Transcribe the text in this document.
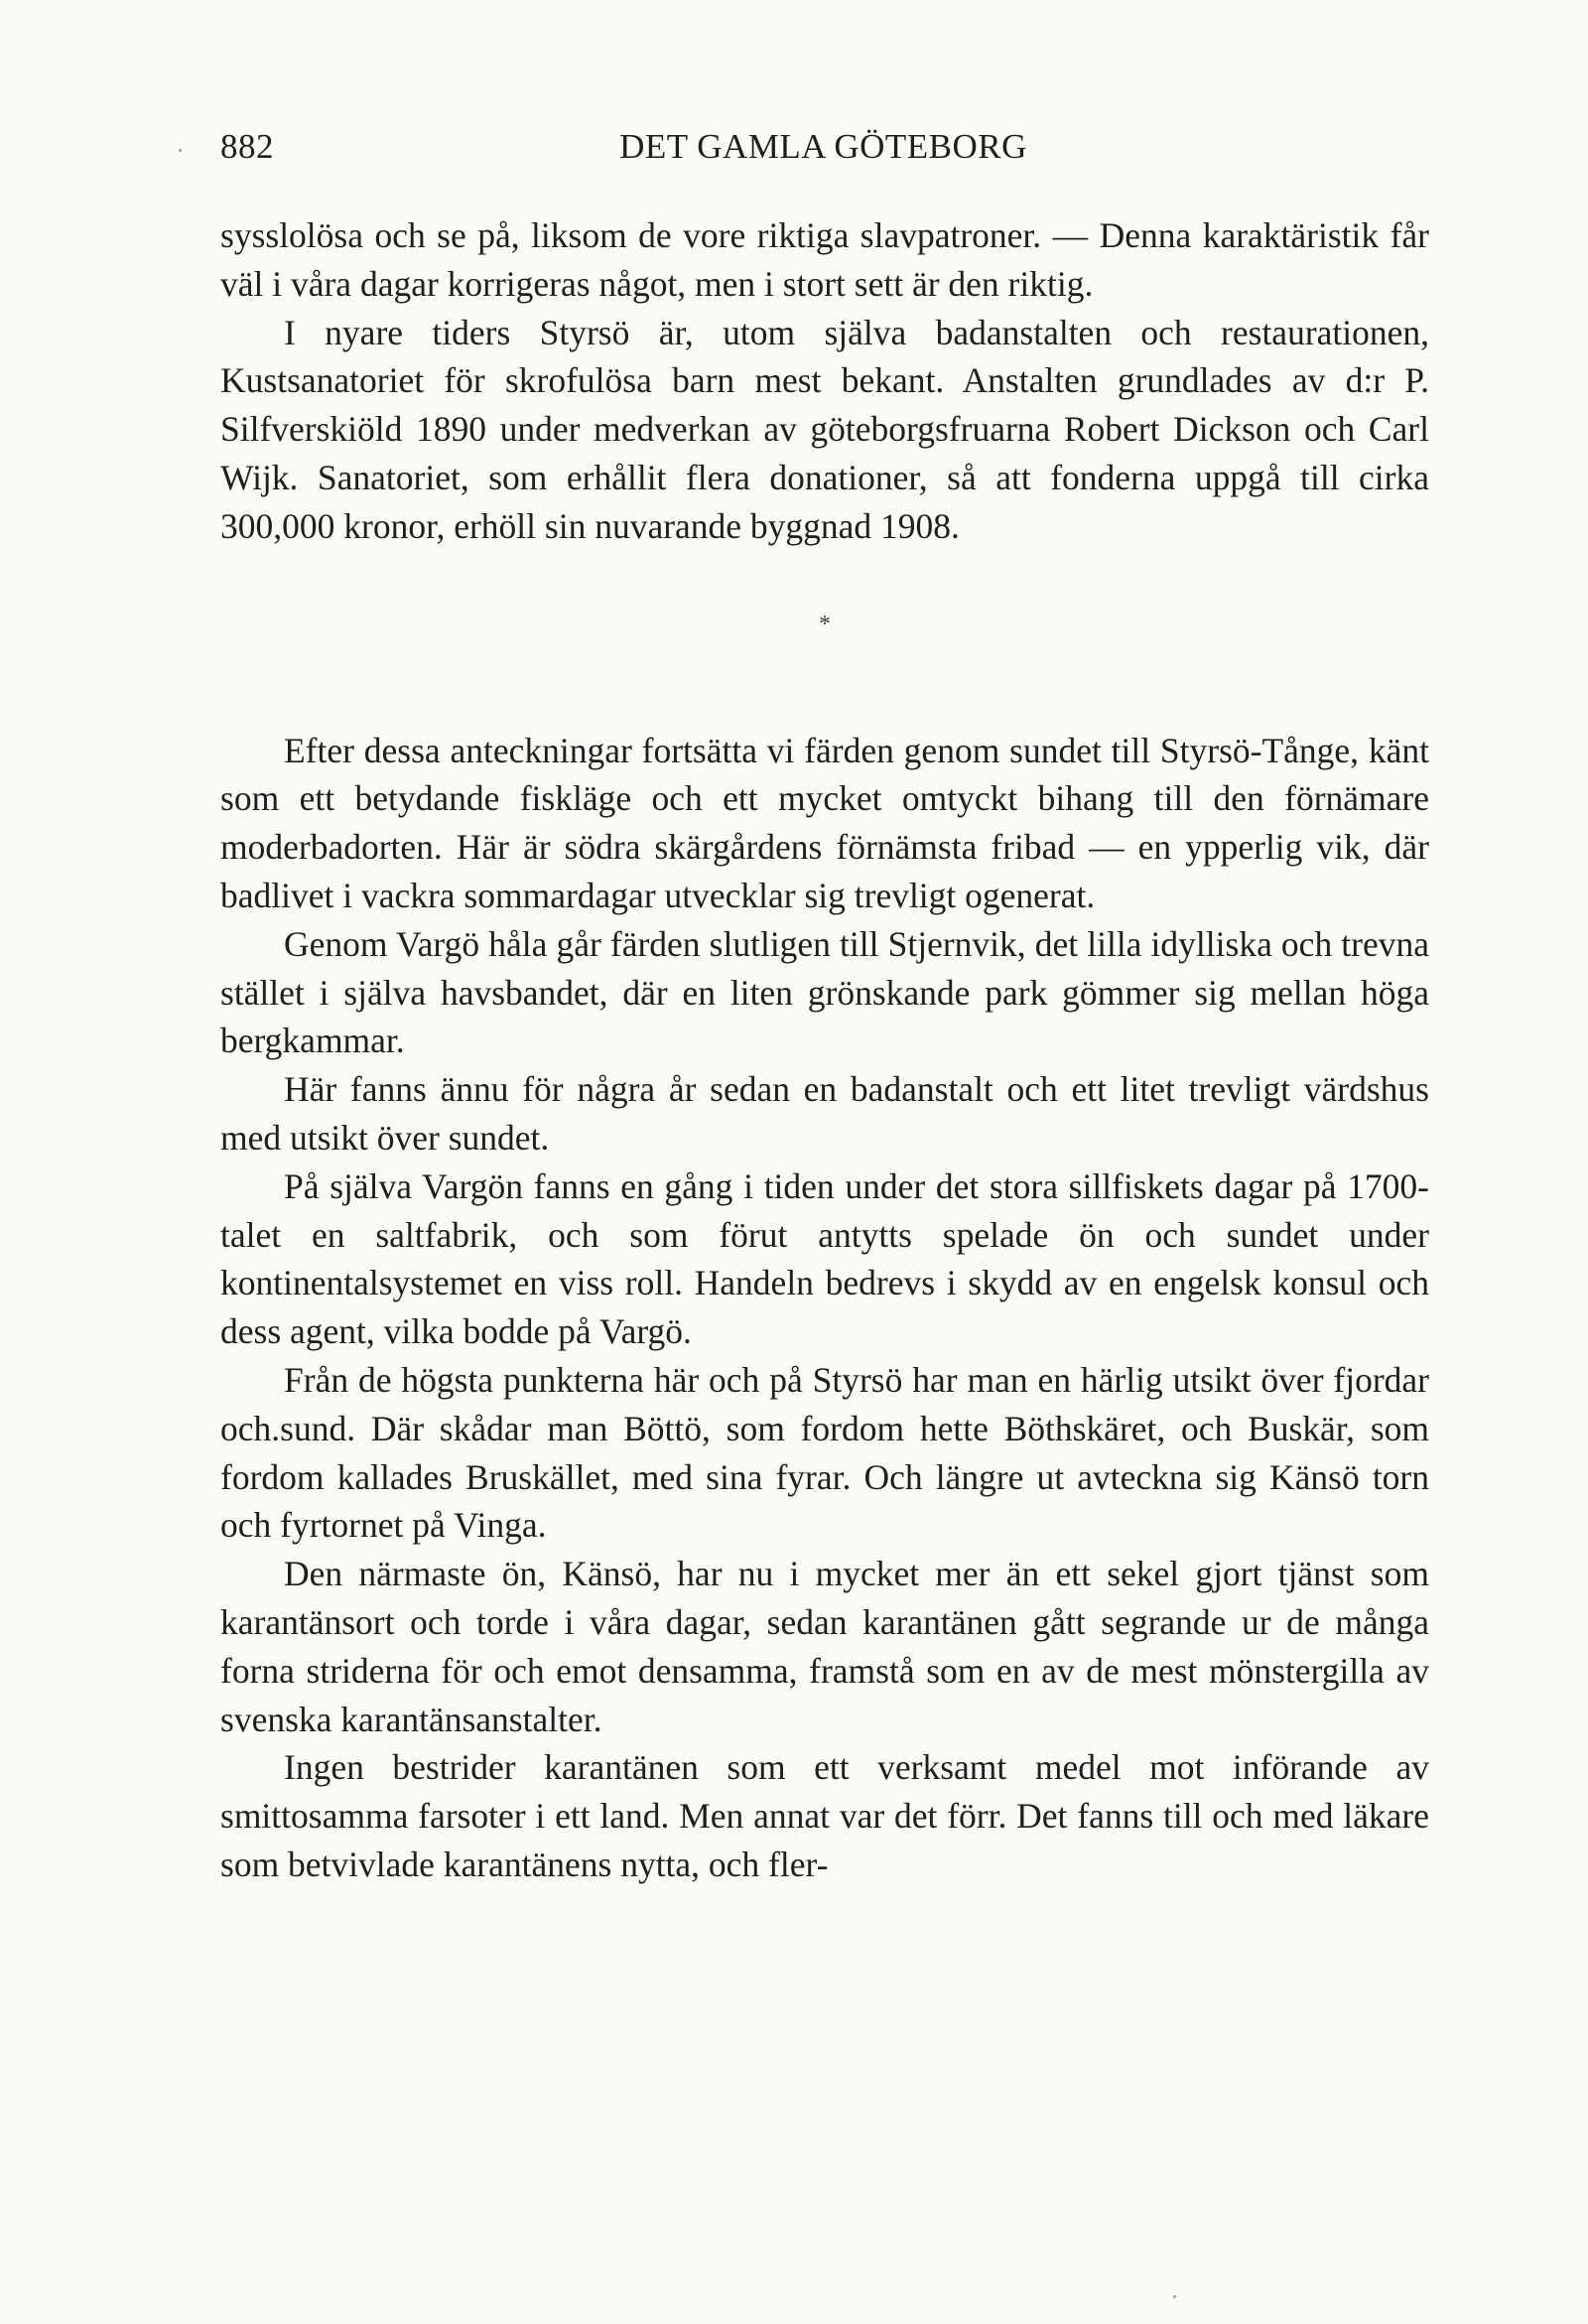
882	DET GAMLA GÖTEBORG

sysslolösa och se på, liksom de vore riktiga slavpatroner. — Denna karaktäristik får väl i våra dagar korrigeras något, men i stort sett är den riktig.

I nyare tiders Styrsö är, utom själva badanstalten och restaurationen, Kustsanatoriet för skrofulösa barn mest bekant. Anstalten grundlades av d:r P. Silfverskiöld 1890 under medverkan av göteborgsfruarna Robert Dickson och Carl Wijk. Sanatoriet, som erhållit flera donationer, så att fonderna uppgå till cirka 300,000 kronor, erhöll sin nuvarande byggnad 1908.

*

Efter dessa anteckningar fortsätta vi färden genom sundet till Styrsö-Tånge, känt som ett betydande fiskläge och ett mycket omtyckt bihang till den förnämare moderbadorten. Här är södra skärgårdens förnämsta fribad — en ypperlig vik, där badlivet i vackra sommardagar utvecklar sig trevligt ogenerat.

Genom Vargö håla går färden slutligen till Stjernvik, det lilla idylliska och trevna stället i själva havsbandet, där en liten grönskande park gömmer sig mellan höga bergkammar.

Här fanns ännu för några år sedan en badanstalt och ett litet trevligt värdshus med utsikt över sundet.

På själva Vargön fanns en gång i tiden under det stora sillfiskets dagar på 1700-talet en saltfabrik, och som förut antytts spelade ön och sundet under kontinentalsystemet en viss roll. Handeln bedrevs i skydd av en engelsk konsul och dess agent, vilka bodde på Vargö.

Från de högsta punkterna här och på Styrsö har man en härlig utsikt över fjordar och.sund. Där skådar man Böttö, som fordom hette Böthskäret, och Buskär, som fordom kallades Bruskället, med sina fyrar. Och längre ut avteckna sig Känsö torn och fyrtornet på Vinga.

Den närmaste ön, Känsö, har nu i mycket mer än ett sekel gjort tjänst som karantänsort och torde i våra dagar, sedan karantänen gått segrande ur de många forna striderna för och emot densamma, framstå som en av de mest mönstergilla av svenska karantänsanstalter.

Ingen bestrider karantänen som ett verksamt medel mot införande av smittosamma farsoter i ett land. Men annat var det förr. Det fanns till och med läkare som betvivlade karantänens nytta, och fler-
